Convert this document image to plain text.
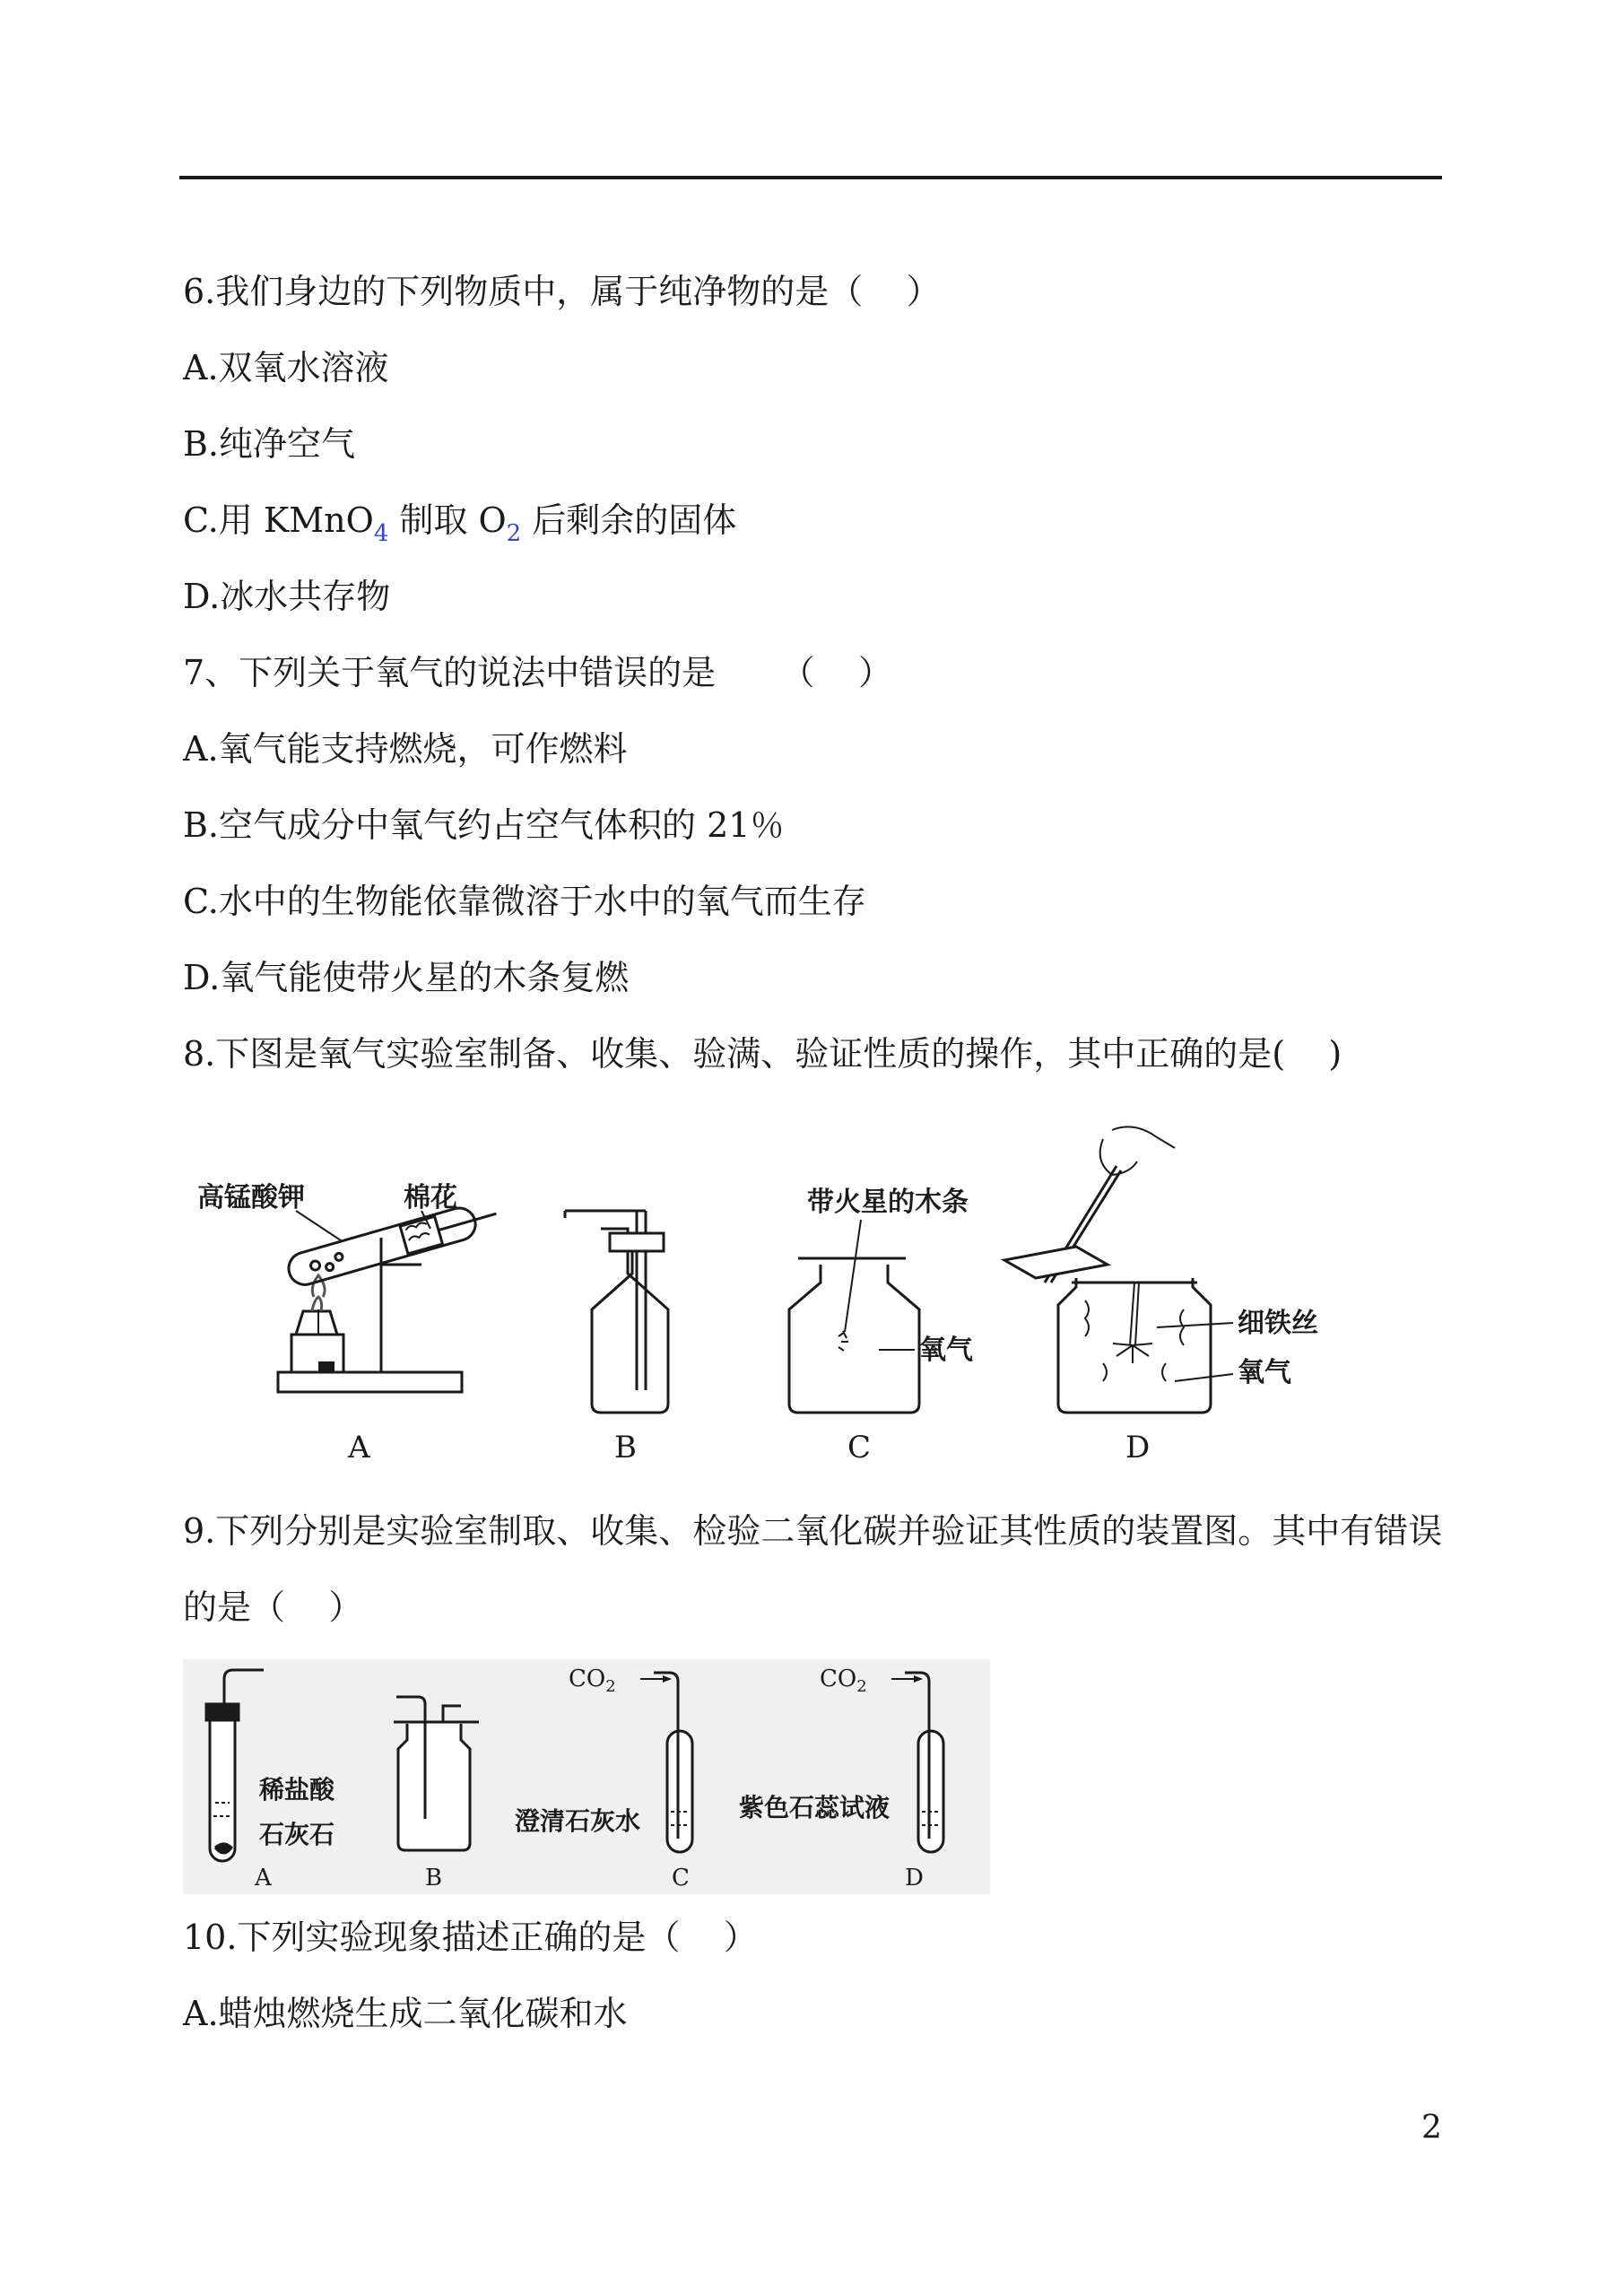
6.我们身边的下列物质中，属于纯净物的是（    ）
A.双氧水溶液
B.纯净空气
C.用 KMnO$_4$ 制取 $O_2$ 后剩余的固体
D.冰水共存物
7、下列关于氧气的说法中错误的是      （    ）
A.氧气能支持燃烧，可作燃料
B.空气成分中氧气约占空气体积的 21％
C.水中的生物能依靠微溶于水中的氧气而生存
D.氧气能使带火星的木条复燃
8.下图是氧气实验室制备、收集、验满、验证性质的操作，其中正确的是(    )
高锰酸钾	棉花
A	B
带火星的木条
氧气
C
细铁丝
氧气
D
9.下列分别是实验室制取、收集、检验二氧化碳并验证其性质的装置图。其中有错误
的是（    ）
稀盐酸
石灰石
A	B
$CO_2$
澄清石灰水
C
$CO_2$
紫色石蕊试液
D
10.下列实验现象描述正确的是（    ）
A.蜡烛燃烧生成二氧化碳和水
2
